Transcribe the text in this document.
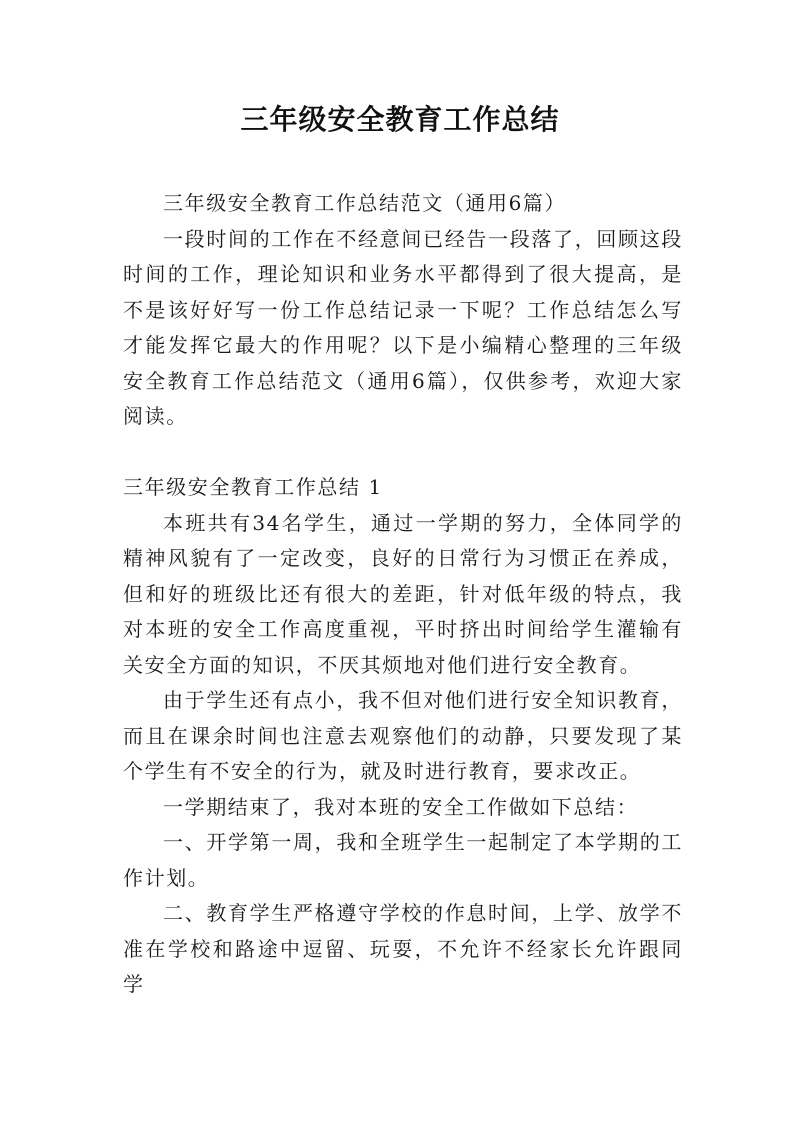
三年级安全教育工作总结

三年级安全教育工作总结范文（通用6篇）

一段时间的工作在不经意间已经告一段落了，回顾这段时间的工作，理论知识和业务水平都得到了很大提高，是不是该好好写一份工作总结记录一下呢？工作总结怎么写才能发挥它最大的作用呢？以下是小编精心整理的三年级安全教育工作总结范文（通用6篇），仅供参考，欢迎大家阅读。

三年级安全教育工作总结 1

本班共有34名学生，通过一学期的努力，全体同学的精神风貌有了一定改变，良好的日常行为习惯正在养成，但和好的班级比还有很大的差距，针对低年级的特点，我对本班的安全工作高度重视，平时挤出时间给学生灌输有关安全方面的知识，不厌其烦地对他们进行安全教育。

由于学生还有点小，我不但对他们进行安全知识教育，而且在课余时间也注意去观察他们的动静，只要发现了某个学生有不安全的行为，就及时进行教育，要求改正。

一学期结束了，我对本班的安全工作做如下总结：

一、开学第一周，我和全班学生一起制定了本学期的工作计划。

二、教育学生严格遵守学校的作息时间，上学、放学不准在学校和路途中逗留、玩耍，不允许不经家长允许跟同学
